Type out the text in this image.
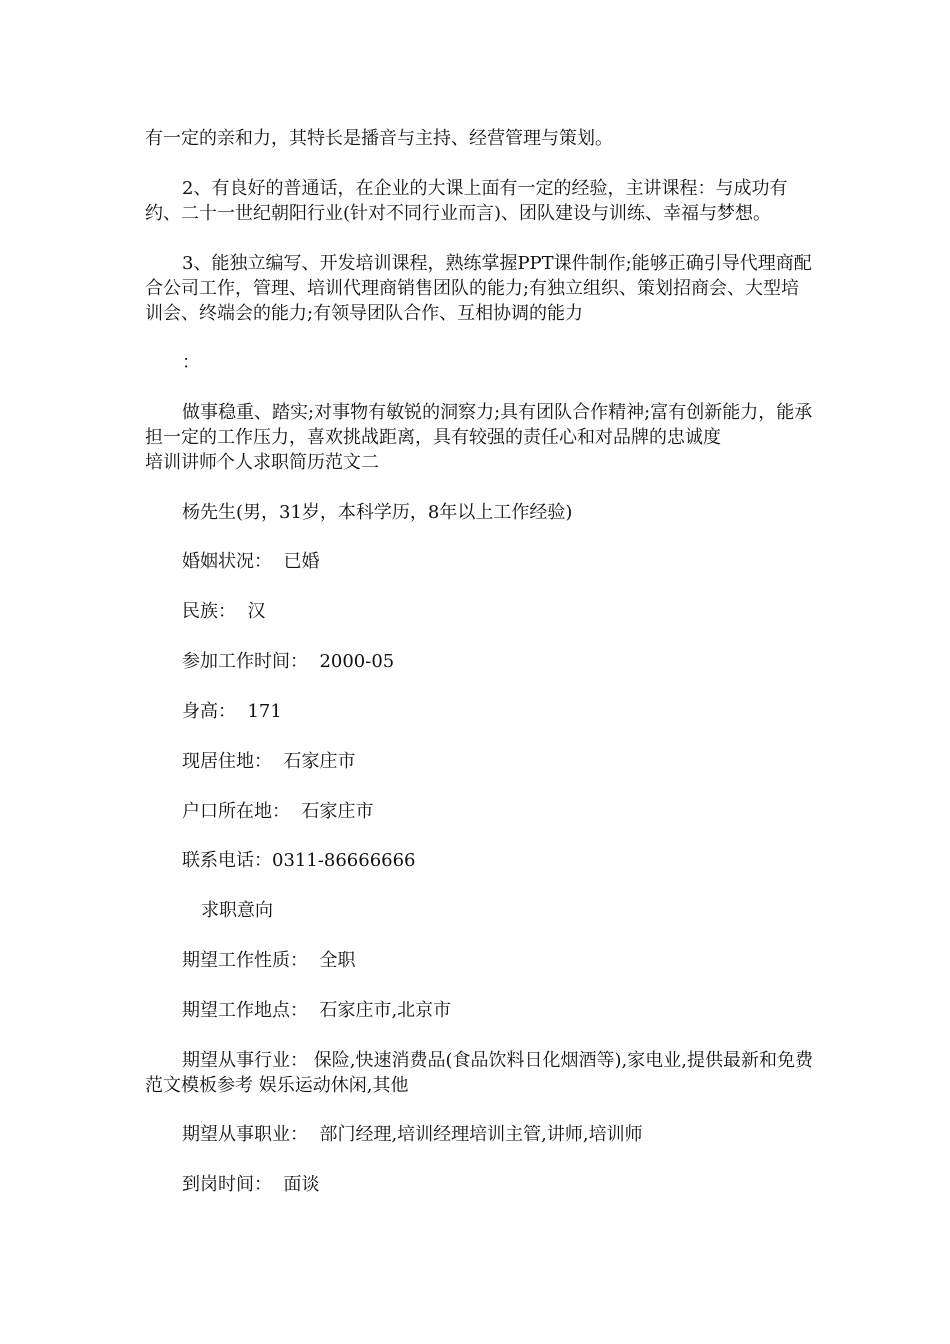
有一定的亲和力，其特长是播音与主持、经营管理与策划。

2、有良好的普通话，在企业的大课上面有一定的经验，主讲课程：与成功有约、二十一世纪朝阳行业(针对不同行业而言)、团队建设与训练、幸福与梦想。

3、能独立编写、开发培训课程，熟练掌握PPT课件制作;能够正确引导代理商配合公司工作，管理、培训代理商销售团队的能力;有独立组织、策划招商会、大型培训会、终端会的能力;有领导团队合作、互相协调的能力

：

做事稳重、踏实;对事物有敏锐的洞察力;具有团队合作精神;富有创新能力，能承担一定的工作压力，喜欢挑战距离，具有较强的责任心和对品牌的忠诚度

培训讲师个人求职简历范文二

杨先生(男，31岁，本科学历，8年以上工作经验)

婚姻状况： 已婚

民族： 汉

参加工作时间： 2000-05

身高： 171

现居住地： 石家庄市

户口所在地： 石家庄市

联系电话：0311-86666666

求职意向

期望工作性质： 全职

期望工作地点： 石家庄市,北京市

期望从事行业： 保险,快速消费品(食品饮料日化烟酒等),家电业,提供最新和免费范文模板参考 娱乐运动休闲,其他

期望从事职业： 部门经理,培训经理培训主管,讲师,培训师

到岗时间： 面谈
